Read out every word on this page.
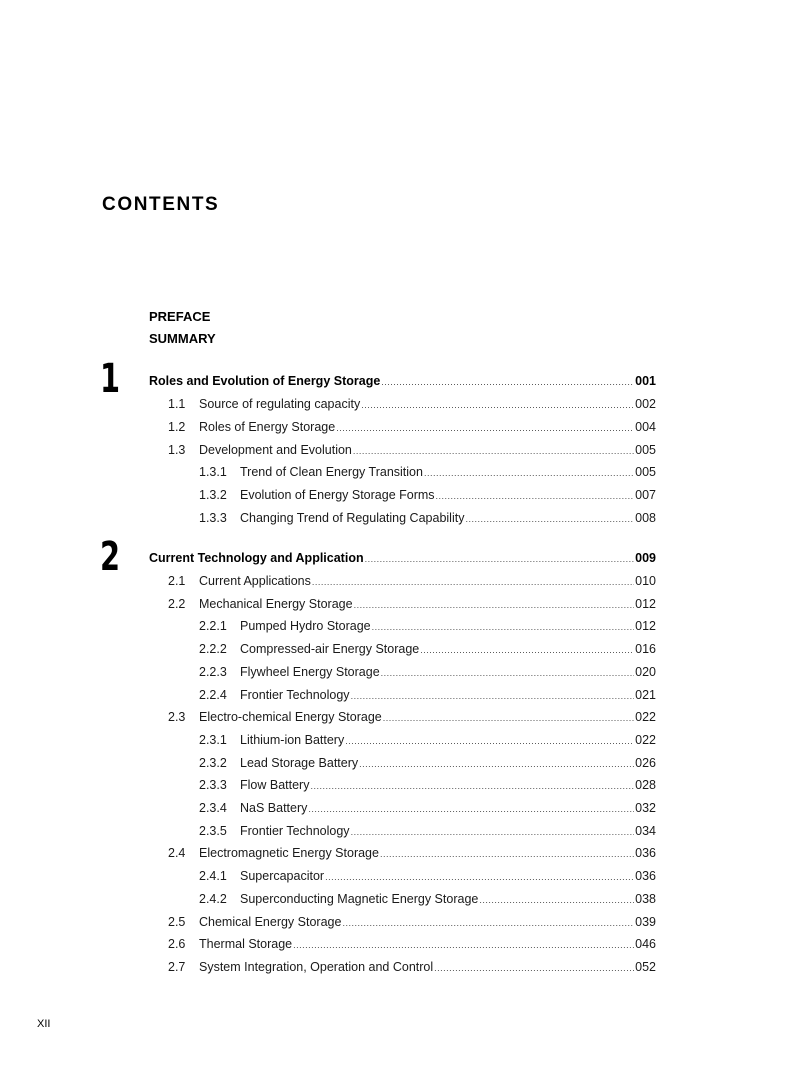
CONTENTS
PREFACE
SUMMARY
1 Roles and Evolution of Energy Storage .....	001
1.1	Source of regulating capacity .....	002
1.2	Roles of Energy Storage .....	004
1.3	Development and Evolution .....	005
1.3.1	Trend of Clean Energy Transition .....	005
1.3.2	Evolution of Energy Storage Forms .....	007
1.3.3	Changing Trend of Regulating Capability .....	008
2 Current Technology and Application .....	009
2.1	Current Applications .....	010
2.2	Mechanical Energy Storage .....	012
2.2.1	Pumped Hydro Storage .....	012
2.2.2	Compressed-air Energy Storage .....	016
2.2.3	Flywheel Energy Storage .....	020
2.2.4	Frontier Technology .....	021
2.3	Electro-chemical Energy Storage .....	022
2.3.1	Lithium-ion Battery .....	022
2.3.2	Lead Storage Battery .....	026
2.3.3	Flow Battery .....	028
2.3.4	NaS Battery .....	032
2.3.5	Frontier Technology .....	034
2.4	Electromagnetic Energy Storage .....	036
2.4.1	Supercapacitor .....	036
2.4.2	Superconducting Magnetic Energy Storage .....	038
2.5	Chemical Energy Storage .....	039
2.6	Thermal Storage .....	046
2.7	System Integration, Operation and Control .....	052
XII
